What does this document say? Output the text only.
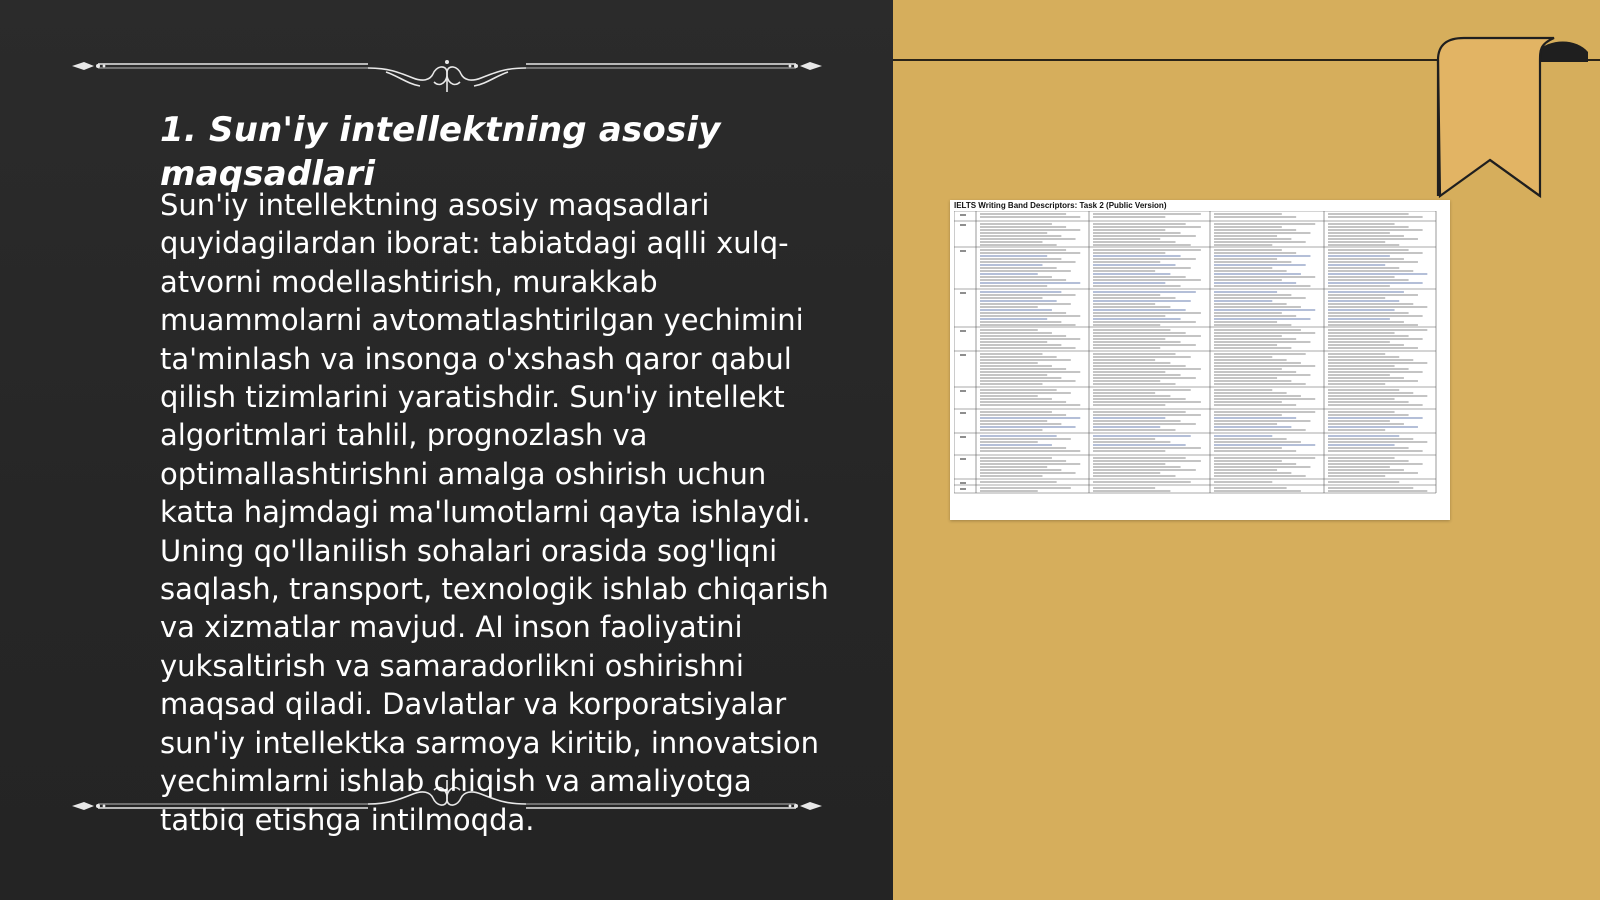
1. Sun'iy intellektning asosiy maqsadlari

Sun'iy intellektning asosiy maqsadlari quyidagilardan iborat: tabiatdagi aqlli xulq-atvorni modellashtirish, murakkab muammolarni avtomatlashtirilgan yechimini ta'minlash va insonga o'xshash qaror qabul qilish tizimlarini yaratishdir. Sun'iy intellekt algoritmlari tahlil, prognozlash va optimallashtirishni amalga oshirish uchun katta hajmdagi ma'lumotlarni qayta ishlaydi. Uning qo'llanilish sohalari orasida sog'liqni saqlash, transport, texnologik ishlab chiqarish va xizmatlar mavjud. AI inson faoliyatini yuksaltirish va samaradorlikni oshirishni maqsad qiladi. Davlatlar va korporatsiyalar sun'iy intellektka sarmoya kiritib, innovatsion yechimlarni ishlab chiqish va amaliyotga tatbiq etishga intilmoqda.

IELTS Writing Band Descriptors: Task 2 (Public Version)
